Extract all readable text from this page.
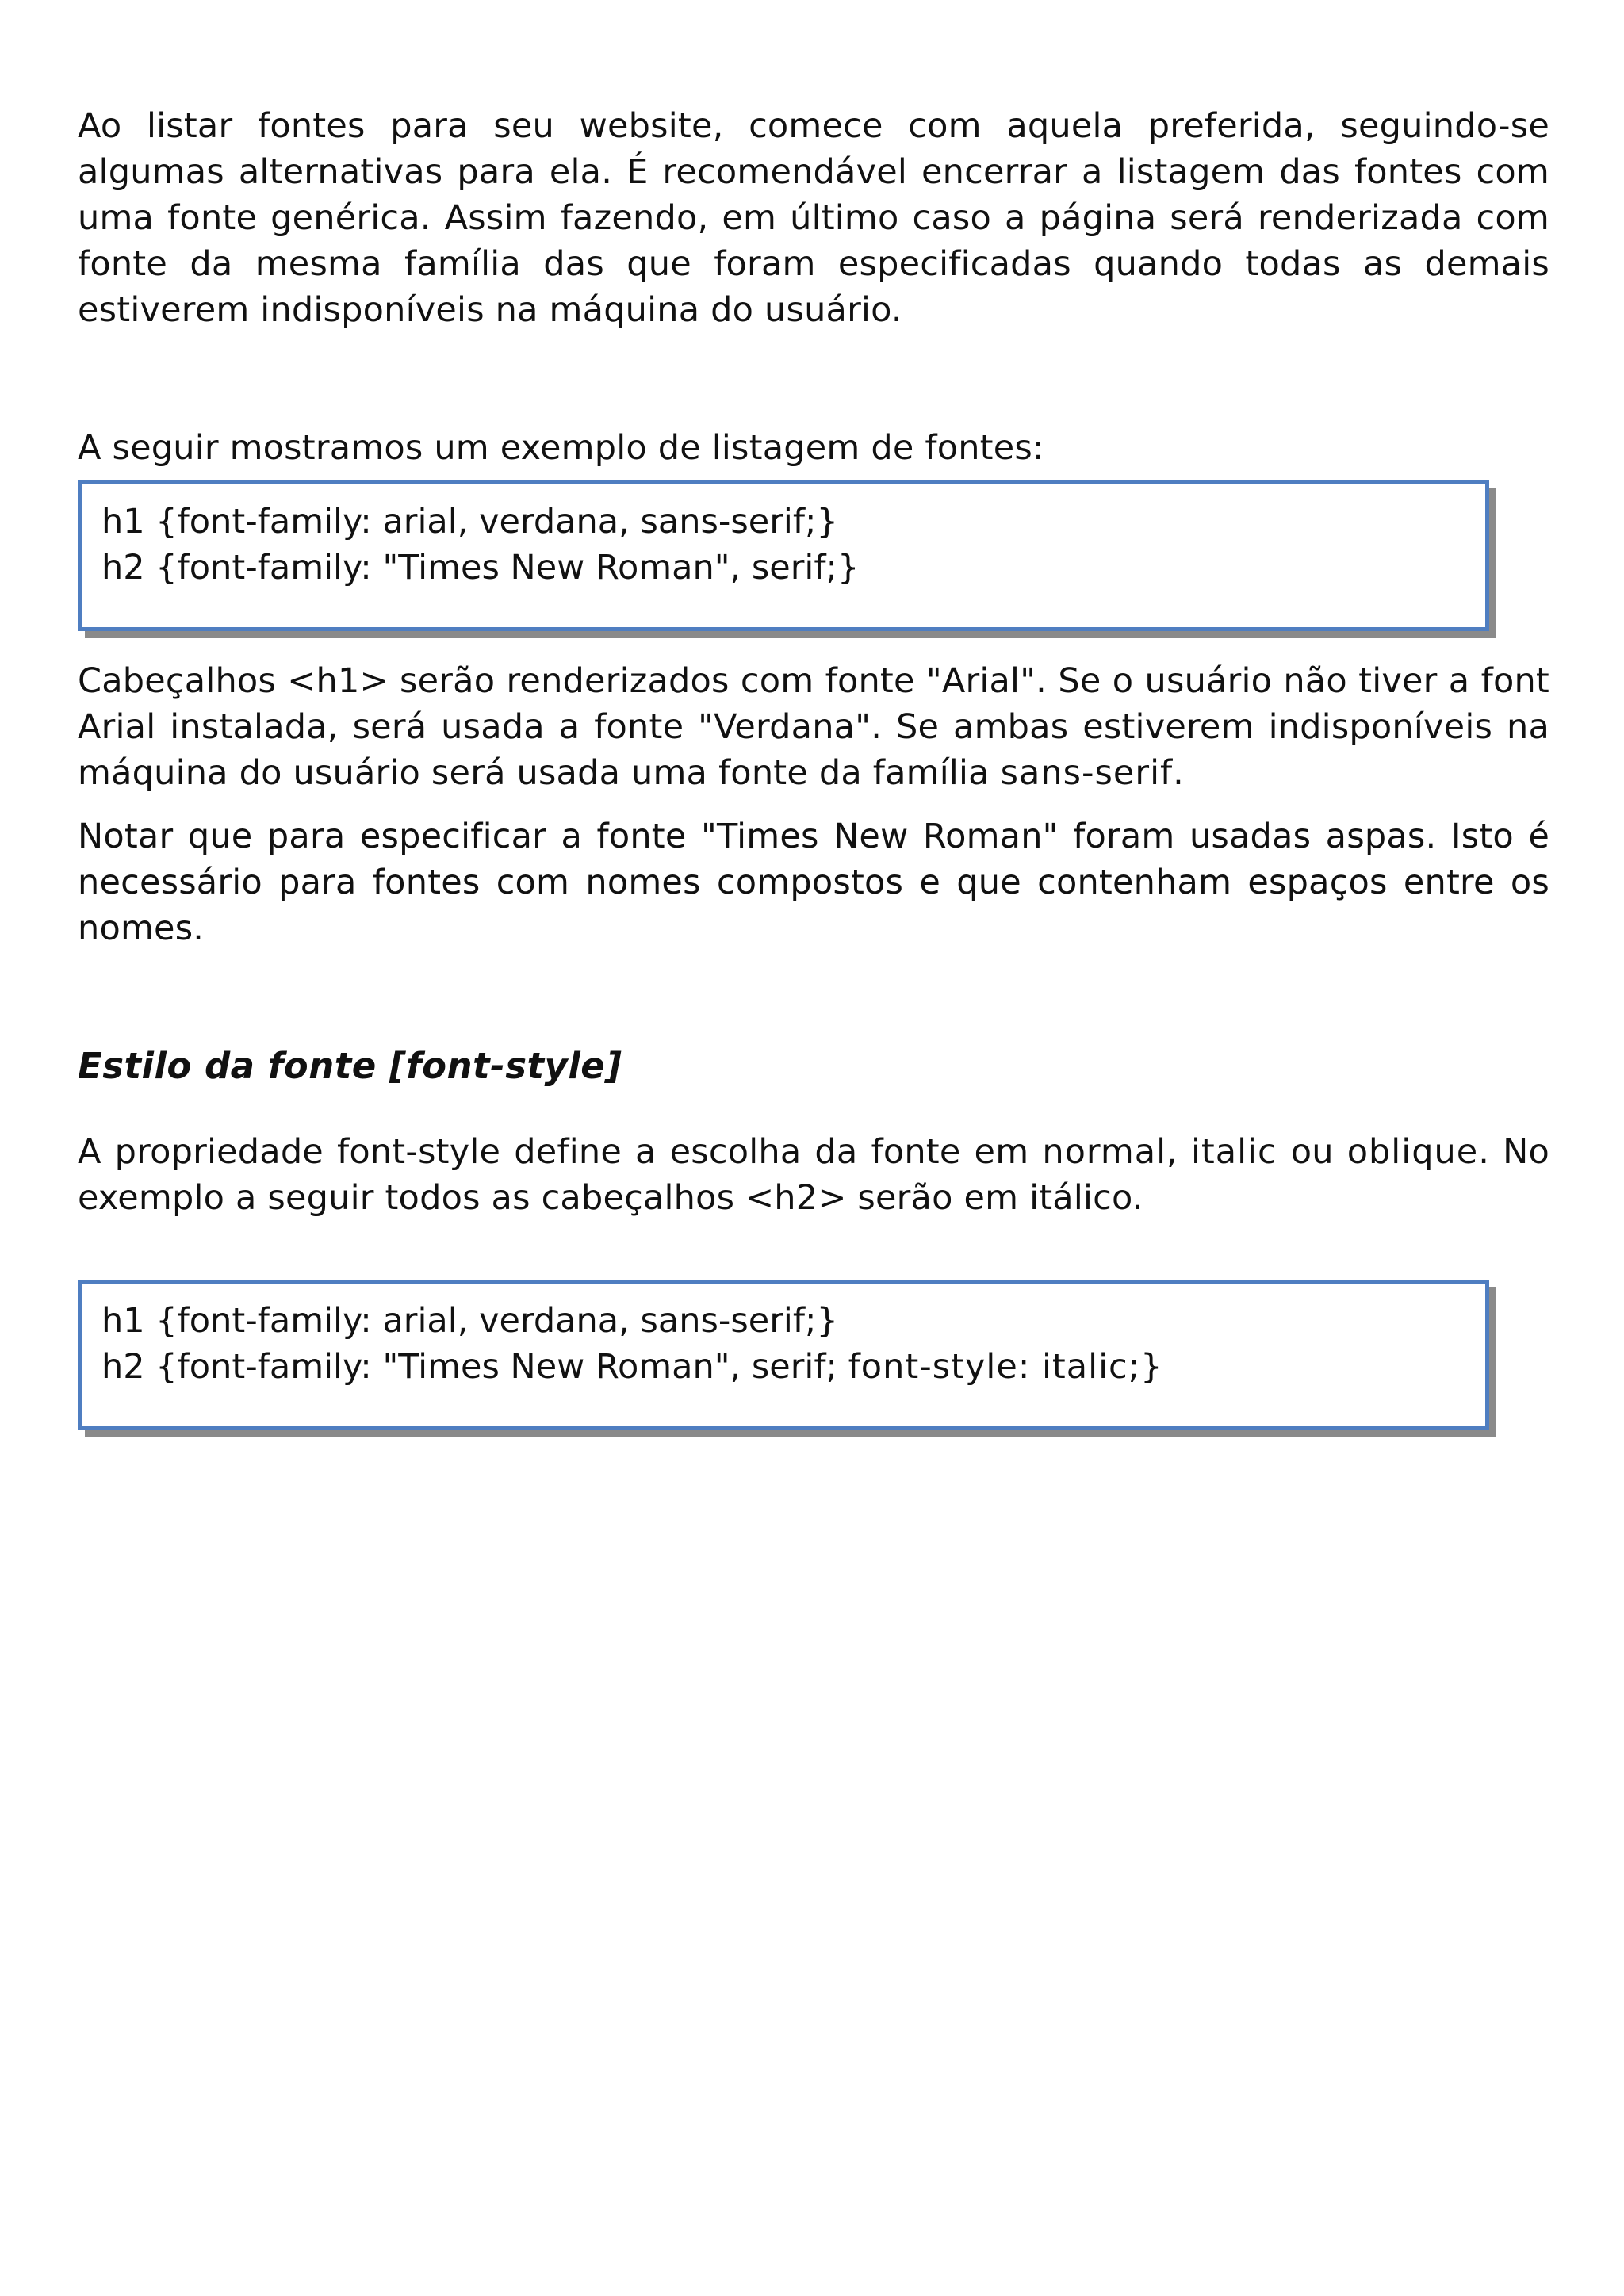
Ao listar fontes para seu website, comece com aquela preferida, seguindo-se algumas alternativas para ela. É recomendável encerrar a listagem das fontes com uma fonte genérica. Assim fazendo, em último caso a página será renderizada com fonte da mesma família das que foram especificadas quando todas as demais estiverem indisponíveis na máquina do usuário.

A seguir mostramos um exemplo de listagem de fontes:

h1 {font-family: arial, verdana, sans-serif;}
h2 {font-family: "Times New Roman", serif;}

Cabeçalhos <h1> serão renderizados com fonte "Arial". Se o usuário não tiver a font Arial instalada, será usada a fonte "Verdana". Se ambas estiverem indisponíveis na máquina do usuário será usada uma fonte da família sans-serif.

Notar que para especificar a fonte "Times New Roman" foram usadas aspas. Isto é necessário para fontes com nomes compostos e que contenham espaços entre os nomes.

Estilo da fonte [font-style]

A propriedade font-style define a escolha da fonte em normal, italic ou oblique. No exemplo a seguir todos as cabeçalhos <h2> serão em itálico.

h1 {font-family: arial, verdana, sans-serif;}
h2 {font-family: "Times New Roman", serif; font-style: italic;}
